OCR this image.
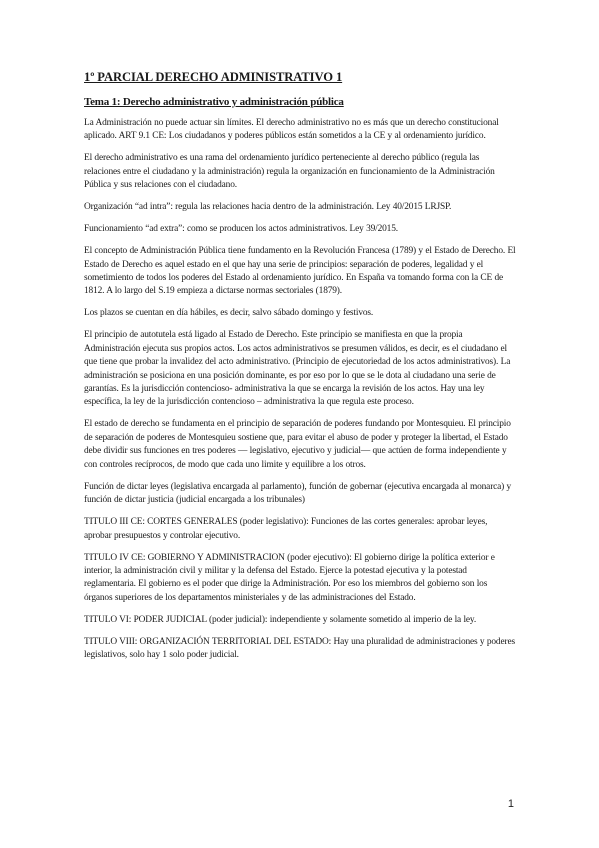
1º PARCIAL DERECHO ADMINISTRATIVO 1
Tema 1: Derecho administrativo y administración pública

La Administración no puede actuar sin límites. El derecho administrativo no es más que un derecho constitucional aplicado. ART 9.1 CE: Los ciudadanos y poderes públicos están sometidos a la CE y al ordenamiento jurídico.

El derecho administrativo es una rama del ordenamiento jurídico perteneciente al derecho público (regula las relaciones entre el ciudadano y la administración) regula la organización en funcionamiento de la Administración Pública y sus relaciones con el ciudadano.

Organización “ad intra”: regula las relaciones hacia dentro de la administración. Ley 40/2015 LRJSP.

Funcionamiento “ad extra”: como se producen los actos administrativos. Ley 39/2015.

El concepto de Administración Pública tiene fundamento en la Revolución Francesa (1789) y el Estado de Derecho. El Estado de Derecho es aquel estado en el que hay una serie de principios: separación de poderes, legalidad y el sometimiento de todos los poderes del Estado al ordenamiento jurídico. En España va tomando forma con la CE de 1812. A lo largo del S.19 empieza a dictarse normas sectoriales (1879).

Los plazos se cuentan en día hábiles, es decir, salvo sábado domingo y festivos.

El principio de autotutela está ligado al Estado de Derecho. Este principio se manifiesta en que la propia Administración ejecuta sus propios actos. Los actos administrativos se presumen válidos, es decir, es el ciudadano el que tiene que probar la invalidez del acto administrativo. (Principio de ejecutoriedad de los actos administrativos). La administración se posiciona en una posición dominante, es por eso por lo que se le dota al ciudadano una serie de garantías. Es la jurisdicción contencioso- administrativa la que se encarga la revisión de los actos. Hay una ley específica, la ley de la jurisdicción contencioso – administrativa la que regula este proceso.

El estado de derecho se fundamenta en el principio de separación de poderes fundando por Montesquieu. El principio de separación de poderes de Montesquieu sostiene que, para evitar el abuso de poder y proteger la libertad, el Estado debe dividir sus funciones en tres poderes — legislativo, ejecutivo y judicial— que actúen de forma independiente y con controles recíprocos, de modo que cada uno limite y equilibre a los otros.

Función de dictar leyes (legislativa encargada al parlamento), función de gobernar (ejecutiva encargada al monarca) y función de dictar justicia (judicial encargada a los tribunales)

TITULO III CE: CORTES GENERALES (poder legislativo): Funciones de las cortes generales: aprobar leyes, aprobar presupuestos y controlar ejecutivo.

TITULO IV CE: GOBIERNO Y ADMINISTRACION (poder ejecutivo): El gobierno dirige la política exterior e interior, la administración civil y militar y la defensa del Estado. Ejerce la potestad ejecutiva y la potestad reglamentaria. El gobierno es el poder que dirige la Administración. Por eso los miembros del gobierno son los órganos superiores de los departamentos ministeriales y de las administraciones del Estado.

TITULO VI: PODER JUDICIAL (poder judicial): independiente y solamente sometido al imperio de la ley.

TITULO VIII: ORGANIZACIÓN TERRITORIAL DEL ESTADO: Hay una pluralidad de administraciones y poderes legislativos, solo hay 1 solo poder judicial.

1
